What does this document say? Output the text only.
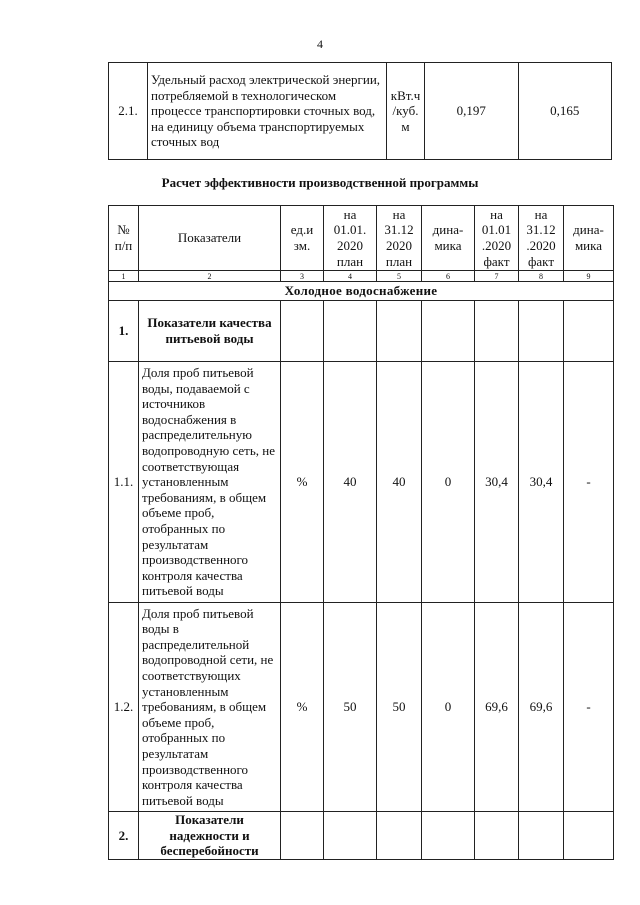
4
2.1.	Удельный расход электрической энергии, потребляемой в технологическом процессе транспортировки сточных вод, на единицу объема транспортируемых сточных вод	кВт.ч /куб. м	0,197	0,165
Расчет эффективности производственной программы
№ п/п	Показатели	ед.и зм.	на 01.01. 2020 план	на 31.12 2020 план	дина- мика	на 01.01 .2020 факт	на 31.12 .2020 факт	дина- мика
1	2	3	4	5	6	7	8	9
Холодное водоснабжение								
1.	Показатели качества питьевой воды							
1.1.	Доля проб питьевой воды, подаваемой с источников водоснабжения в распределительную водопроводную сеть, не соответствующая установленным требованиям, в общем объеме проб, отобранных по результатам производственного контроля качества питьевой воды	%	40	40	0	30,4	30,4	-
1.2.	Доля проб питьевой воды в распределительной водопроводной сети, не соответствующих установленным требованиям, в общем объеме проб, отобранных по результатам производственного контроля качества питьевой воды	%	50	50	0	69,6	69,6	-
2.	Показатели надежности и бесперебойности							
